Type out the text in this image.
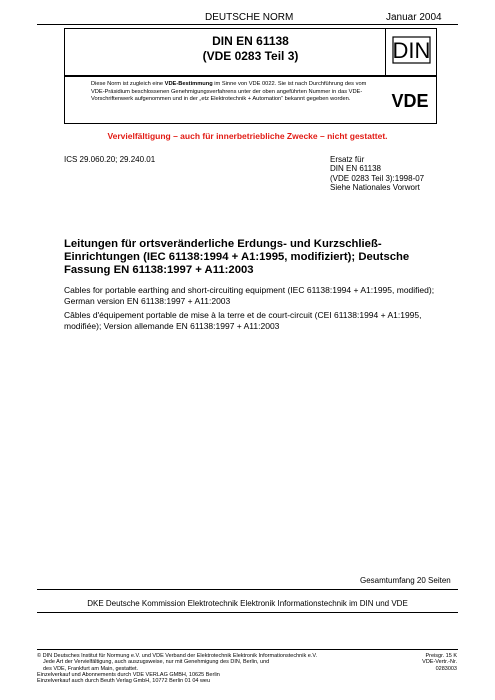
DEUTSCHE NORM	Januar 2004
DIN EN 61138
(VDE 0283 Teil 3)	DIN
Diese Norm ist zugleich eine VDE-Bestimmung im Sinne von VDE 0022. Sie ist nach Durchführung des vom VDE-Präsidium beschlossenen Genehmigungsverfahrens unter der oben angeführten Nummer in das VDE-Vorschriftenwerk aufgenommen und in der „etz Elektrotechnik + Automation“ bekannt gegeben worden.	VDE
Vervielfältigung – auch für innerbetriebliche Zwecke – nicht gestattet.
ICS 29.060.20; 29.240.01	Ersatz für
DIN EN 61138
(VDE 0283 Teil 3):1998-07
Siehe Nationales Vorwort
Leitungen für ortsveränderliche Erdungs- und Kurzschließ-Einrichtungen (IEC 61138:1994 + A1:1995, modifiziert); Deutsche Fassung EN 61138:1997 + A11:2003
Cables for portable earthing and short-circuiting equipment (IEC 61138:1994 + A1:1995, modified); German version EN 61138:1997 + A11:2003
Câbles d'équipement portable de mise à la terre et de court-circuit (CEI 61138:1994 + A1:1995, modifiée); Version allemande EN 61138:1997 + A11:2003
Gesamtumfang 20 Seiten
DKE Deutsche Kommission Elektrotechnik Elektronik Informationstechnik im DIN und VDE
© DIN Deutsches Institut für Normung e.V. und VDE Verband der Elektrotechnik Elektronik Informationstechnik e.V.
Jede Art der Vervielfältigung, auch auszugsweise, nur mit Genehmigung des DIN, Berlin, und
des VDE, Frankfurt am Main, gestattet.
Einzelverkauf und Abonnements durch VDE VERLAG GMBH, 10625 Berlin
Einzelverkauf auch durch Beuth Verlag GmbH, 10772 Berlin 01 04 weu
Preisgr. 15 K
VDE-Vertr.-Nr. 0283003
